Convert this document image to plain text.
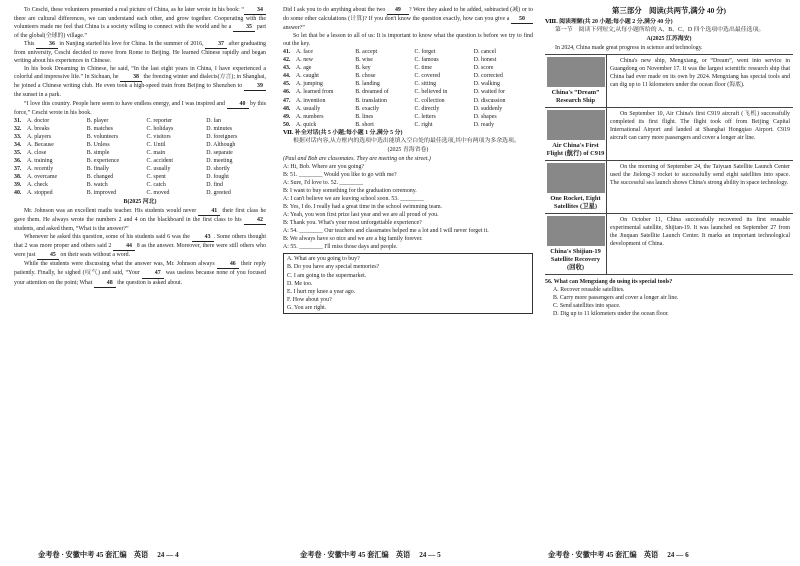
To Ceschi, these volunteers presented a real picture of China, as he later wrote in his book: “ 34 there are cultural differences, we can understand each other, and grow together. Cooperating with the volunteers made me feel that China is a society willing to connect with the world and be a 35 part of the global(全球的) village.”

This 36 in Nanjing started his love for China. In the summer of 2016, 37 after graduating from university, Ceschi decided to move from Rome to Beijing. He learned Chinese rapidly and began writing about his experiences in Chinese.

In his book Dreaming in Chinese, he said, “In the last eight years in China, I have experienced a colorful and impressive life.” In Sichuan, he 38 the freezing winter and dialects(方言); in Shanghai, he joined a Chinese writing club. He even took a high-speed train from Beijing to Shenzhen to 39 the sunset in a park.

“I love this country. People here seem to have endless energy, and I was inspired and 40 by this force,” Ceschi wrote in his book.

31. A. doctor	B. player	C. reporter	D. fan
32. A. breaks	B. matches	C. holidays	D. minutes
33. A. players	B. volunteers	C. visitors	D. foreigners
34. A. Because	B. Unless	C. Until	D. Although
35. A. close	B. simple	C. main	D. separate
36. A. training	B. experience	C. accident	D. meeting
37. A. recently	B. finally	C. usually	D. shortly
38. A. overcame	B. changed	C. spent	D. fought
39. A. check	B. watch	C. catch	D. find
40. A. stopped	B. improved	C. moved	D. greeted
B(2025 河北)

Mr. Johnson was an excellent maths teacher. His students would never 41 their first class he gave them. He always wrote the numbers 2 and 4 on the blackboard in the first class to his 42 students, and asked them, “What is the answer?”

Whenever he asked this question, some of his students said 6 was the 43 . Some others thought that 2 was more proper and others said 2 44 8 as the answer. Moreover, there were still others who were just 45 on their seats without a word.

While the students were discussing what the answer was, Mr. Johnson always 46 their reply patiently. Finally, he sighed (叹气) and said, “Your 47 was useless because none of you focused your attention on the point; What 48 the question is asked about.

Did I ask you to do anything about the two 49 ? Were they asked to be added, subtracted (减) or to do some other calculations (计算)? If you don't know the question exactly, how can you give a 50 answer?”

So let that be a lesson to all of us: It is important to know what the question is before we try to find out the key.

41. A. face	B. accept	C. forget	D. cancel
42. A. new	B. wise	C. famous	D. honest
43. A. age	B. key	C. time	D. score
44. A. caught	B. chose	C. covered	D. corrected
45. A. jumping	B. landing	C. sitting	D. walking
46. A. learned from	B. dreamed of	C. believed in	D. waited for
47. A. invention	B. translation	C. collection	D. discussion
48. A. usually	B. exactly	C. directly	D. suddenly
49. A. numbers	B. lines	C. letters	D. shapes
50. A. quick	B. short	C. right	D. ready
Ⅶ. 补全对话(共 5 小题;每小题 1 分,满分 5 分)

根据对话内容,从方框内的选项中选出能填入空白处的最佳选项,其中有两项为多余选项。

(2025 青海省卷)
(Paul and Bob are classmates. They are meeting on the street.)
A: Hi, Bob. Where are you going?
B: 51. ________ Would you like to go with me?
A: Sure, I'd love to. 52. ________
B: I want to buy something for the graduation ceremony.
A: I can't believe we are leaving school soon. 53. ________
B: Yes, I do. I really had a great time in the school swimming team.
A: Yeah, you won first prize last year and we are all proud of you.
B: Thank you. What's your most unforgettable experience?
A: 54. ________ Our teachers and classmates helped me a lot and I will never forget it.
B: We always have so nice and we are a big family forever.
A: 55. ________ I'll miss those days and people.
A. What are you going to buy?
B. Do you have any special memories?
C. I am going to the supermarket.
D. Me too.
E. I hurt my knee a year ago.
F. How about you?
G. You are right.
第三部分　阅读(共两节,满分 40 分)
Ⅷ. 阅读理解(共 20 小题;每小题 2 分,满分 40 分)

第一节　阅读下列短文,从每小题所给的 A、B、C、D 四个选项中选出最佳选项。

A(2025 江苏海安)

In 2024, China made great progress in science and technology.

China's “Dream” Research Ship
China's new ship, Mengxiang, or “Dream”, went into service in Guangdong on November 17. It was the largest scientific research ship that China had ever made on its own by 2024. Mengxiang has special tools and can dig up to 11 kilometers under the ocean floor (海底).
Air China's First Flight (航行) of C919
On September 10, Air China's first C919 aircraft (飞机) successfully completed its first flight. The flight took off from Beijing Capital International Airport and landed at Shanghai Hongqiao Airport. C919 aircraft can carry more passengers and cover a longer air line.
One Rocket, Eight Satellites (卫星)
On the morning of September 24, the Taiyuan Satellite Launch Center used the Jielong-3 rocket to successfully send eight satellites into space. The successful sea launch shows China's strong ability in space technology.
China's Shijian-19 Satellite Recovery (回收)
On October 11, China successfully recovered its first reusable experimental satellite, Shijian-19. It was launched on September 27 from the Jiuquan Satellite Launch Center. It marks an important technological development of China.
56. What can Mengxiang do using its special tools?
A. Recover reusable satellites.
B. Carry more passengers and cover a longer air line.
C. Send satellites into space.
D. Dig up to 11 kilometers under the ocean floor.
金考卷 · 安徽中考 45 套汇编　英语　 24 — 4	金考卷 · 安徽中考 45 套汇编　英语　 24 — 5	金考卷 · 安徽中考 45 套汇编　英语　 24 — 6
